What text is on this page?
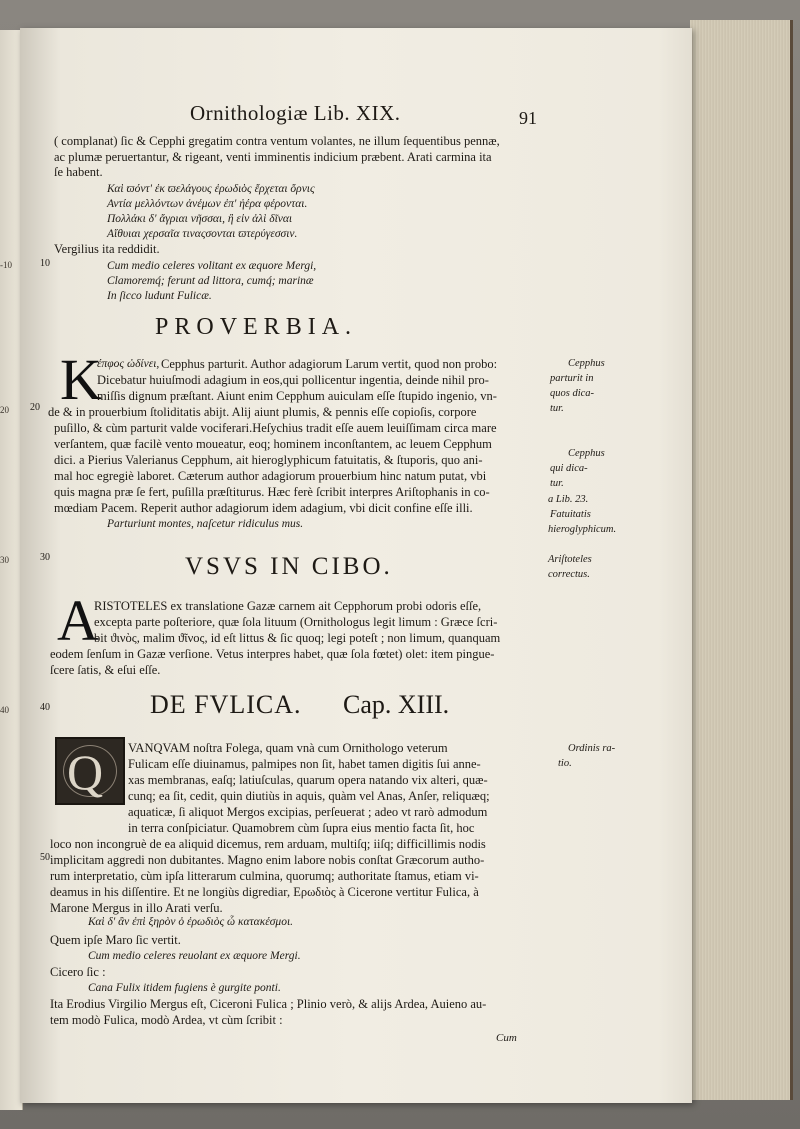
-10
20
30
40
Ornithologiæ Lib. XIX.	91
( complanat) ſic & Cepphi gregatim contra ventum volantes, ne illum ſequentibus pennæ,
ac plumæ peruertantur, & rigeant, venti imminentis indicium præbent. Arati carmina ita
ſe habent.
Καὶ ϖόντ' ἐκ ϖελάγους ἐρωδιὸς ἔρχεται ὄρνις
Αντία μελλόντων ἀνέμων ἐπ' ἠέρα φέρονται.
Πολλάκι δ' ἄγριαι νῆσσαι, ἢ εἰν ἁλὶ δῖναι
Αἴθυιαι χερσαῖα τιναςσονται ϖτερύγεσσιν.
Vergilius ita reddidit.
10	Cum medio celeres volitant ex æquore Mergi,
Clamoremq́; ferunt ad littora, cumq́; marinæ
In ſicco ludunt Fulicæ.
PROVERBIA.
K
έπφος ὠδίνει, Cepphus parturit. Author adagiorum Larum vertit, quod non probo:
Dicebatur huiuſmodi adagium in eos,qui pollicentur ingentia, deinde nihil pro-
miſſis dignum præſtant. Aiunt enim Cepphum auiculam eſſe ſtupido ingenio, vn-
20 de & in prouerbium ſtoliditatis abijt. Alij aiunt plumis, & pennis eſſe copioſis, corpore
puſillo, & cùm parturit valde vociferari.Heſychius tradit eſſe auem leuiſſimam circa mare
verſantem, quæ facilè vento moueatur, eoq; hominem inconſtantem, ac leuem Cepphum
dici. a Pierius Valerianus Cepphum, ait hieroglyphicum fatuitatis, & ſtuporis, quo ani-
mal hoc egregiè laboret. Cæterum author adagiorum prouerbium hinc natum putat, vbi
quis magna præ ſe fert, puſilla præſtiturus. Hæc ferè ſcribit interpres Ariſtophanis in co-
mœdiam Pacem. Reperit author adagiorum idem adagium, vbi dicit confine eſſe illi.
Parturiunt montes, naſcetur ridiculus mus.
Cepphus
parturit in
quos dica-
tur.
Cepphus
qui dica-
tur.
a Lib. 23.
Fatuitatis
hieroglyphicum.
Ariſtoteles
correctus.
30	VSVS IN CIBO.
A
RISTOTELES ex translatione Gazæ carnem ait Cepphorum probi odoris eſſe,
excepta parte poſteriore, quæ ſola lituum (Ornithologus legit limum : Græce ſcri-
bit ϑινὸς, malim ϑῖνος, id eſt littus & ſic quoq; legi poteſt ; non limum, quanquam
eodem ſenſum in Gazæ verſione. Vetus interpres habet, quæ ſola fœtet) olet: item pingue-
ſcere ſatis, & eſui eſſe.
40	DE FVLICA. Cap. XIII.
Q VANQVAM noſtra Folega, quam vnà cum Ornithologo veterum
Fulicam eſſe diuinamus, palmipes non ſit, habet tamen digitis ſui anne-
xas membranas, eaſq; latiuſculas, quarum opera natando vix alteri, quæ-
cunq; ea ſit, cedit, quin diutiùs in aquis, quàm vel Anas, Anſer, reliquæq;
aquaticæ, ſi aliquot Mergos excipias, perſeuerat ; adeo vt rarò admodum
in terra conſpiciatur. Quamobrem cùm ſupra eius mentio facta ſit, hoc
loco non incongruè de ea aliquid dicemus, rem arduam, multiſq; iiſq; difficillimis nodis
implicitam aggredi non dubitantes. Magno enim labore nobis conſtat Græcorum autho-
50
rum interpretatio, cùm ipſa litterarum culmina, quorumq; authoritate ſtamus, etiam vi-
deamus in his diſſentire. Et ne longiùs digrediar, Ερωδιὸς à Cicerone vertitur Fulica, à
Marone Mergus in illo Arati verſu.
Καὶ δ' ἂν ἐπὶ ξηρὸν ὁ ἐρωδιὸς ὦ κατακέσμοι.
Quem ipſe Maro ſic vertit.
Cum medio celeres reuolant ex æquore Mergi.
Cicero ſic :
Cana Fulix itidem fugiens è gurgite ponti.
Ita Erodius Virgilio Mergus eſt, Ciceroni Fulica ; Plinio verò, & alijs Ardea, Auieno au-
tem modò Fulica, modò Ardea, vt cùm ſcribit :
Cum
Ordinis ra-
tio.
